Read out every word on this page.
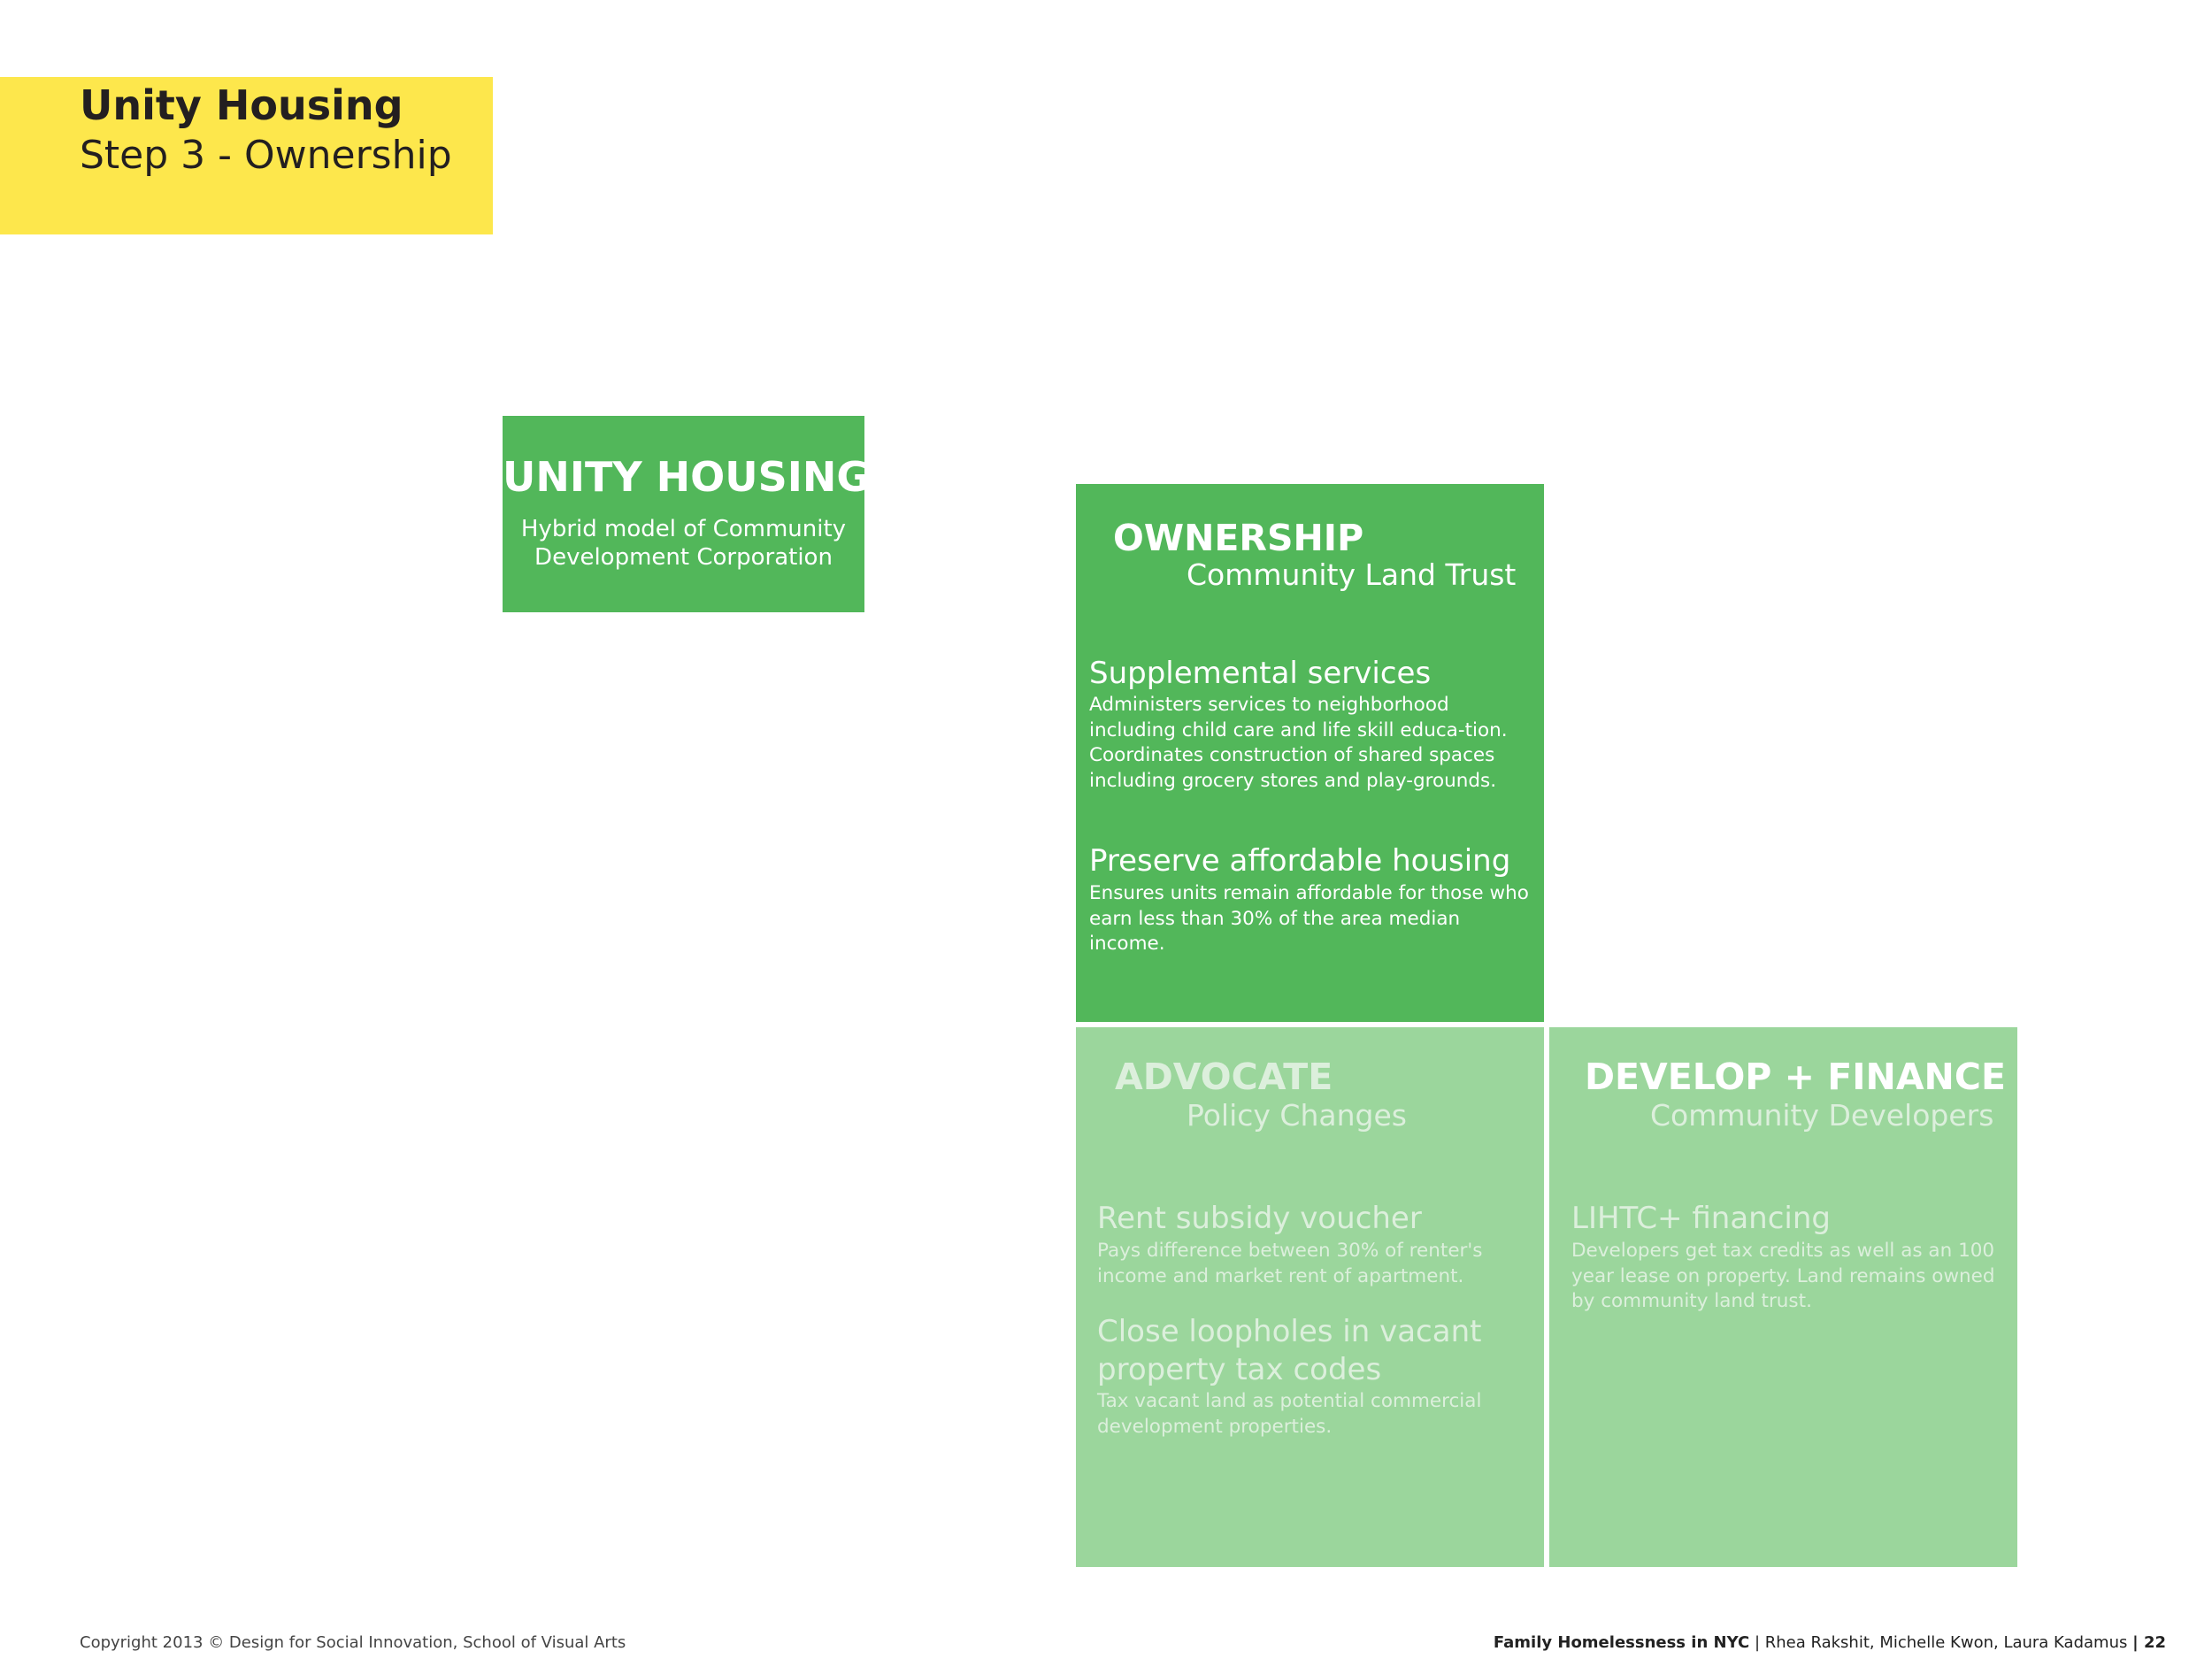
Unity Housing
Step 3 - Ownership
UNITY HOUSING
Hybrid model of Community
Development Corporation	OWNERSHIP
Community Land Trust
Supplemental services
Administers services to neighborhood including child care and life skill educa-tion. Coordinates construction of shared spaces including grocery stores and play-grounds.
Preserve affordable housing
Ensures units remain affordable for those who earn less than 30% of the area median income.
ADVOCATE
Policy Changes
Rent subsidy voucher
Pays difference between 30% of renter's income and market rent of apartment.
Close loopholes in vacant property tax codes
Tax vacant land as potential commercial development properties.
DEVELOP + FINANCE
Community Developers
LIHTC+ financing
Developers get tax credits as well as an 100 year lease on property. Land remains owned by community land trust.
Copyright 2013 © Design for Social Innovation, School of Visual Arts	Family Homelessness in NYC | Rhea Rakshit, Michelle Kwon, Laura Kadamus | 22
